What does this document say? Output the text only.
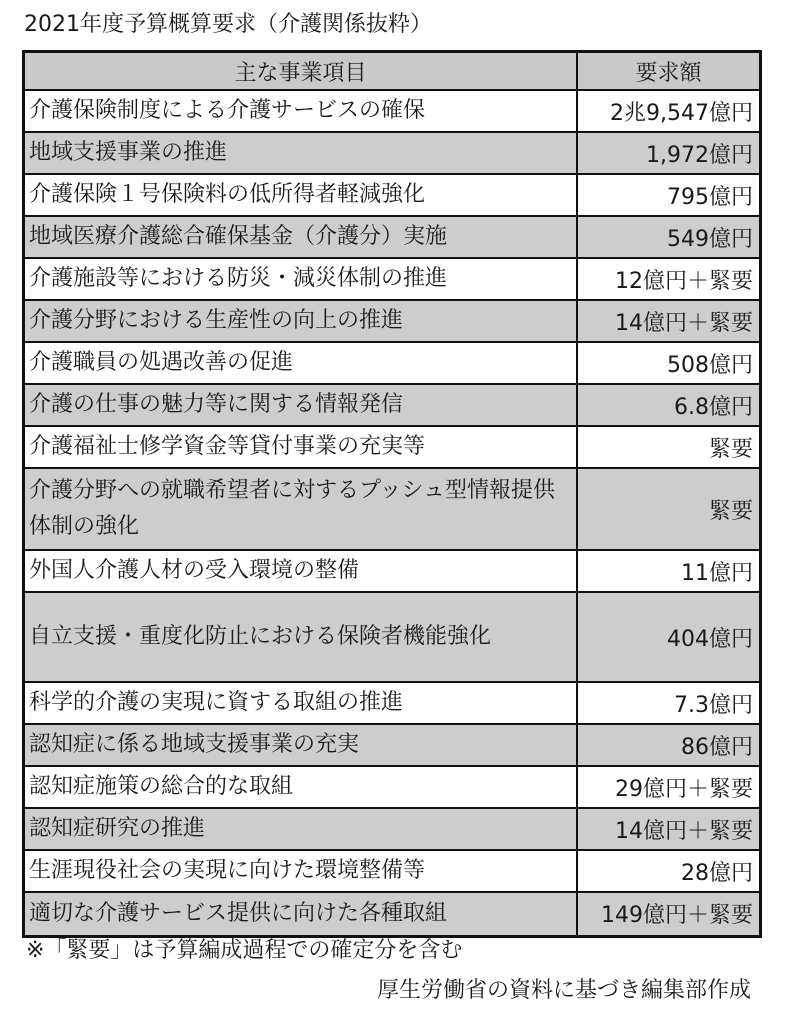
2021年度予算概算要求（介護関係抜粋）
主な事業項目	要求額
介護保険制度による介護サービスの確保	2兆9,547億円
地域支援事業の推進	1,972億円
介護保険１号保険料の低所得者軽減強化	795億円
地域医療介護総合確保基金（介護分）実施	549億円
介護施設等における防災・減災体制の推進	12億円＋緊要
介護分野における生産性の向上の推進	14億円＋緊要
介護職員の処遇改善の促進	508億円
介護の仕事の魅力等に関する情報発信	6.8億円
介護福祉士修学資金等貸付事業の充実等	緊要
介護分野への就職希望者に対するプッシュ型情報提供体制の強化	緊要
外国人介護人材の受入環境の整備	11億円
自立支援・重度化防止における保険者機能強化	404億円
科学的介護の実現に資する取組の推進	7.3億円
認知症に係る地域支援事業の充実	86億円
認知症施策の総合的な取組	29億円＋緊要
認知症研究の推進	14億円＋緊要
生涯現役社会の実現に向けた環境整備等	28億円
適切な介護サービス提供に向けた各種取組	149億円＋緊要
※「緊要」は予算編成過程での確定分を含む
厚生労働省の資料に基づき編集部作成
